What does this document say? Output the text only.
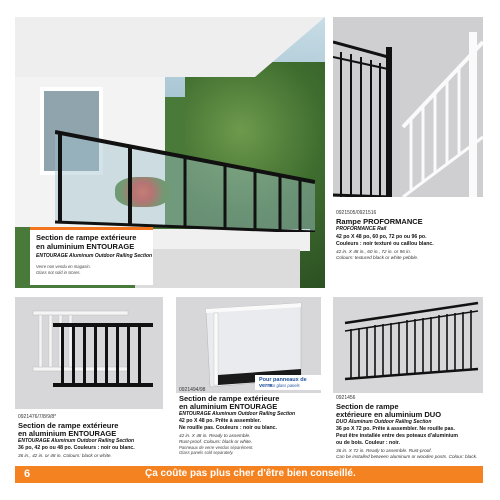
Section de rampe extérieure
en aluminium ENTOURAGE
ENTOURAGE Aluminum Outdoor Railing Section
Verre non vendu en magasin.
Glass not sold in stores.
0921505/0921516
Rampe PROFORMANCE
PROFORMANCE Rail
42 po X 48 po, 60 po, 72 po ou 96 po.
Couleurs : noir texturé ou caillou blanc.
42 in. X 48 in., 60 in., 72 in. or 96 in.
Colours: textured black or white pebble.
0921476/7/8/9/8*
Section de rampe extérieure
en aluminium ENTOURAGE
ENTOURAGE Aluminum Outdoor Railing Section
36 po, 42 po ou 48 po. Couleurs : noir ou blanc.
36 in., 42 in. or 48 in. Colours: black or white.
Pour panneaux de verre
For glass panels
0921494/98
Section de rampe extérieure
en aluminium ENTOURAGE
ENTOURAGE Aluminum Outdoor Railing Section
42 po X 48 po. Prête à assembler.
Ne rouille pas. Couleurs : noir ou blanc.
42 in. X 48 in. Ready to assemble.
Rust-proof. Colours: black or white.
Panneaux de verre vendus séparément.
Glass panels sold separately.
0921456
Section de rampe
extérieure en aluminium DUO
DUO Aluminum Outdoor Railing Section
36 po X 72 po. Prête à assembler. Ne rouille pas.
Peut être installée entre des poteaux d'aluminium
ou de bois. Couleur : noir.
36 in. X 72 in. Ready to assemble. Rust-proof.
Can be installed between aluminum or wooden posts. Colour: black.
6	Ça coûte pas plus cher d'être bien conseillé.
